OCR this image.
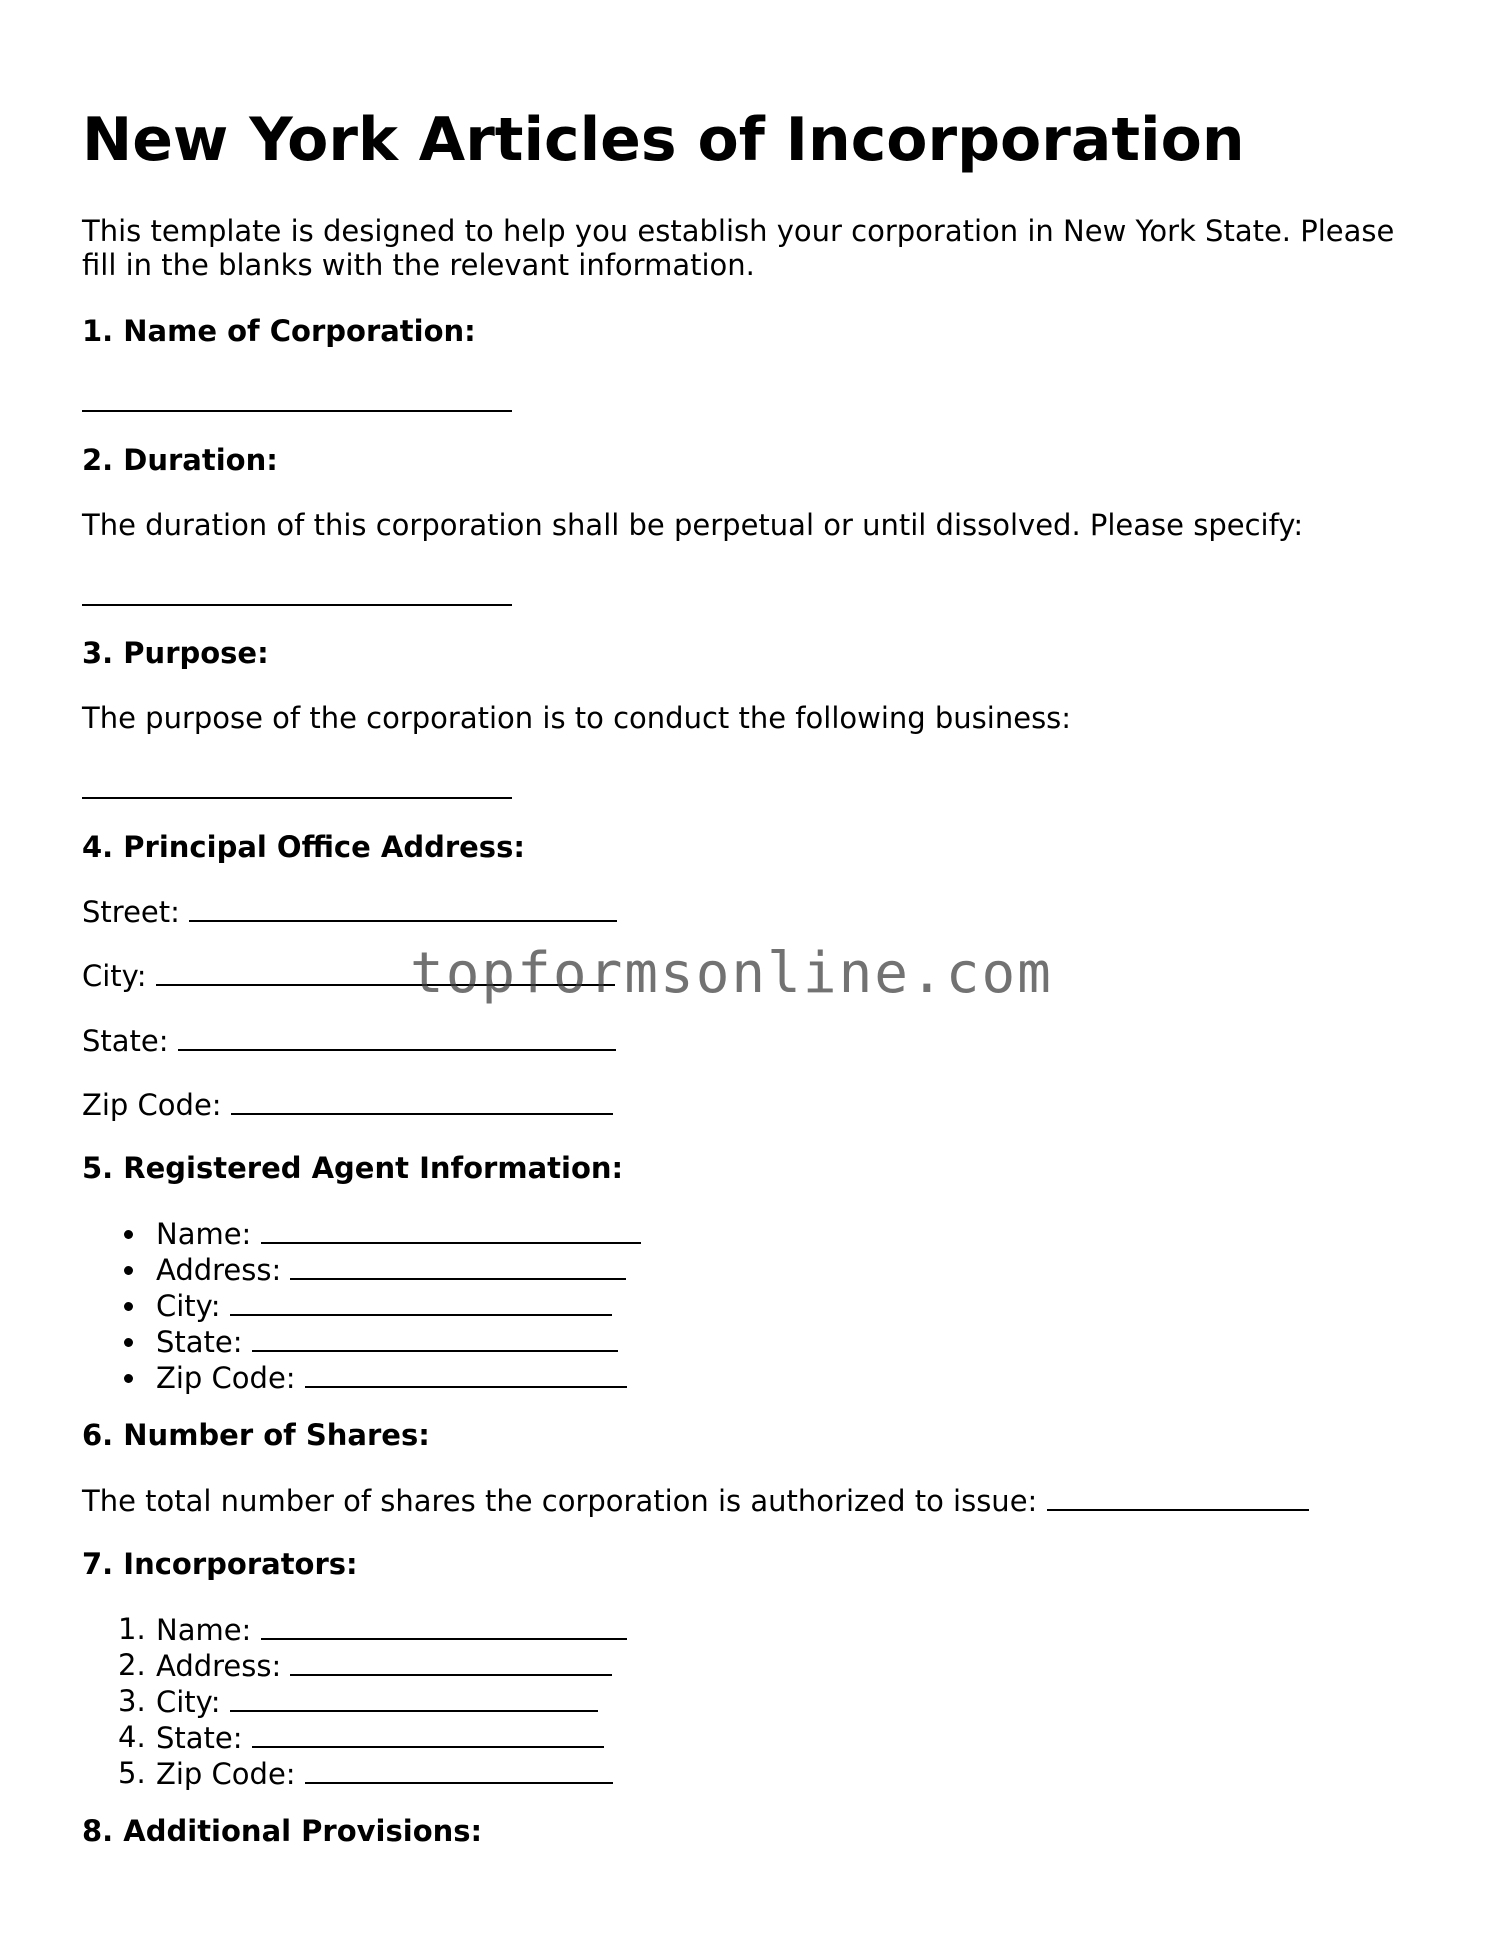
New York Articles of Incorporation

This template is designed to help you establish your corporation in New York State. Please fill in the blanks with the relevant information.

1. Name of Corporation:

2. Duration:

The duration of this corporation shall be perpetual or until dissolved. Please specify:

3. Purpose:

The purpose of the corporation is to conduct the following business:

4. Principal Office Address:

Street:

City:

State:

Zip Code:

5. Registered Agent Information:

Name:
Address:
City:
State:
Zip Code:

6. Number of Shares:

The total number of shares the corporation is authorized to issue:

7. Incorporators:

1. Name:
2. Address:
3. City:
4. State:
5. Zip Code:

8. Additional Provisions:

topformsonline.com
